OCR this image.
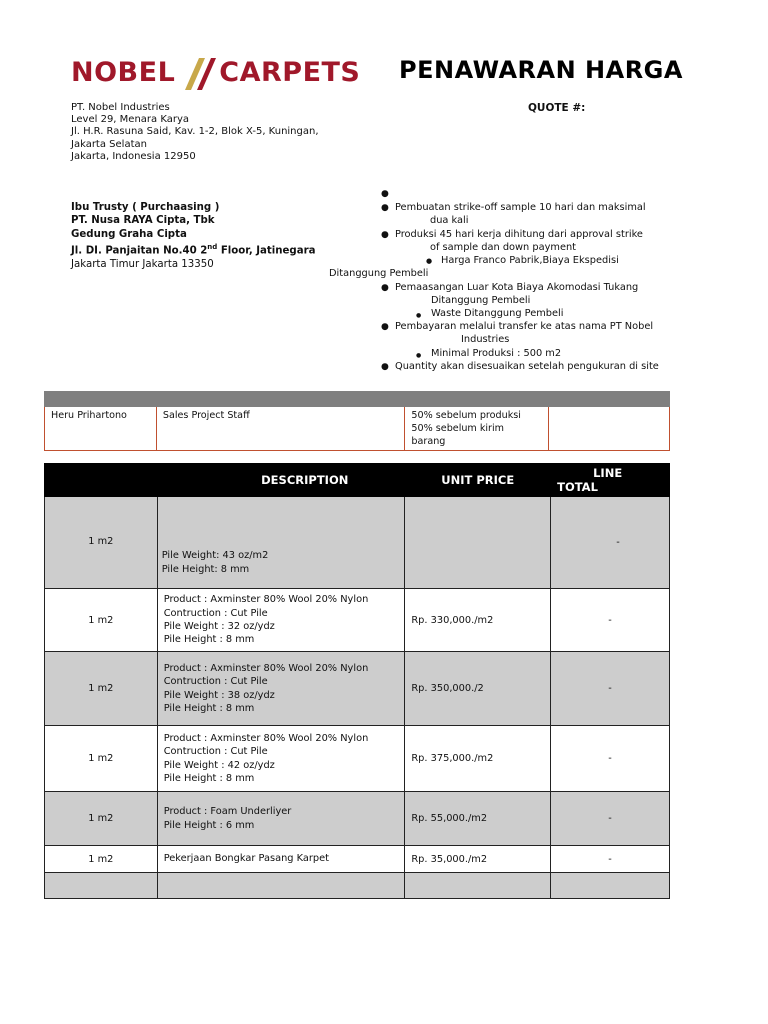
NOBEL CARPETS PENAWARAN HARGA
QUOTE #:
PT. Nobel Industries
Level 29, Menara Karya
Jl. H.R. Rasuna Said, Kav. 1-2, Blok X-5, Kuningan,
Jakarta Selatan
Jakarta, Indonesia 12950
Ibu Trusty ( Purchaasing )
PT. Nusa RAYA Cipta, Tbk
Gedung Graha Cipta
Jl. DI. Panjaitan No.40 2nd Floor, Jatinegara
Jakarta Timur Jakarta 13350
●
● Pembuatan strike-off sample 10 hari dan maksimal
dua kali
● Produksi 45 hari kerja dihitung dari approval strike
of sample dan down payment
● Harga Franco Pabrik,Biaya Ekspedisi
Ditanggung Pembeli
● Pemaasangan Luar Kota Biaya Akomodasi Tukang
Ditanggung Pembeli
● Waste Ditanggung Pembeli
● Pembayaran melalui transfer ke atas nama PT Nobel
Industries
● Minimal Produksi : 500 m2
● Quantity akan disesuaikan setelah pengukuran di site

Heru Prihartono	Sales Project Staff	50% sebelum produksi
50% sebelum kirim
barang	

	DESCRIPTION	UNIT PRICE	LINE
TOTAL

1 m2	Pile Weight: 43 oz/m2
Pile Height: 8 mm		-
1 m2	Product : Axminster 80% Wool 20% Nylon
Contruction : Cut Pile
Pile Weight : 32 oz/ydz
Pile Height : 8 mm	Rp. 330,000./m2	-
1 m2	Product : Axminster 80% Wool 20% Nylon
Contruction : Cut Pile
Pile Weight : 38 oz/ydz
Pile Height : 8 mm	Rp. 350,000./2	-
1 m2	Product : Axminster 80% Wool 20% Nylon
Contruction : Cut Pile
Pile Weight : 42 oz/ydz
Pile Height : 8 mm	Rp. 375,000./m2	-
1 m2	Product : Foam Underliyer
Pile Height : 6 mm	Rp. 55,000./m2	-
1 m2	Pekerjaan Bongkar Pasang Karpet	Rp. 35,000./m2	-
